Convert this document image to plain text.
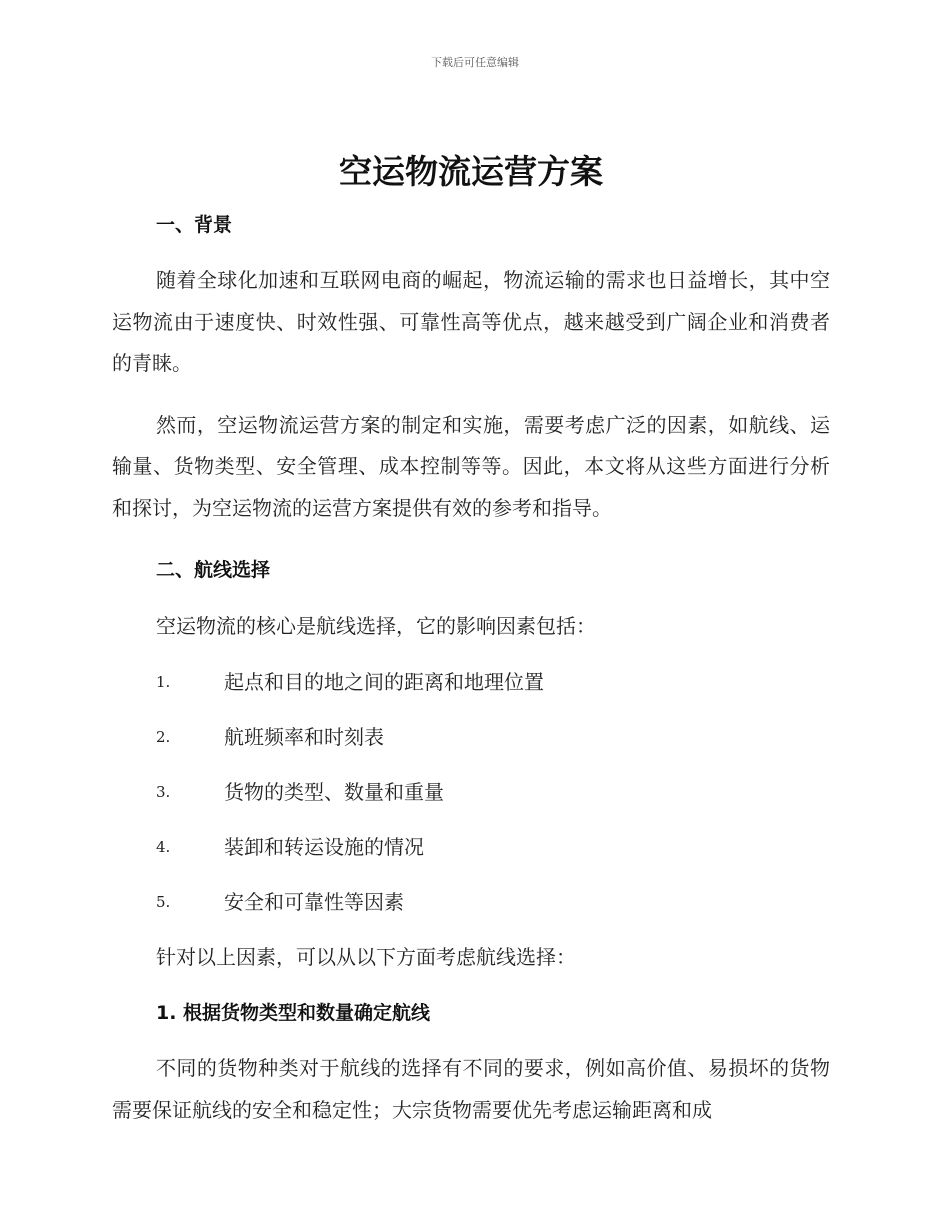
下载后可任意编辑
空运物流运营方案
一、背景

随着全球化加速和互联网电商的崛起，物流运输的需求也日益增长，其中空运物流由于速度快、时效性强、可靠性高等优点，越来越受到广阔企业和消费者的青睐。

然而，空运物流运营方案的制定和实施，需要考虑广泛的因素，如航线、运输量、货物类型、安全管理、成本控制等等。因此，本文将从这些方面进行分析和探讨，为空运物流的运营方案提供有效的参考和指导。

二、航线选择

空运物流的核心是航线选择，它的影响因素包括：

1.	起点和目的地之间的距离和地理位置
2.	航班频率和时刻表
3.	货物的类型、数量和重量
4.	装卸和转运设施的情况
5.	安全和可靠性等因素

针对以上因素，可以从以下方面考虑航线选择：

1. 根据货物类型和数量确定航线

不同的货物种类对于航线的选择有不同的要求，例如高价值、易损坏的货物需要保证航线的安全和稳定性；大宗货物需要优先考虑运输距离和成
